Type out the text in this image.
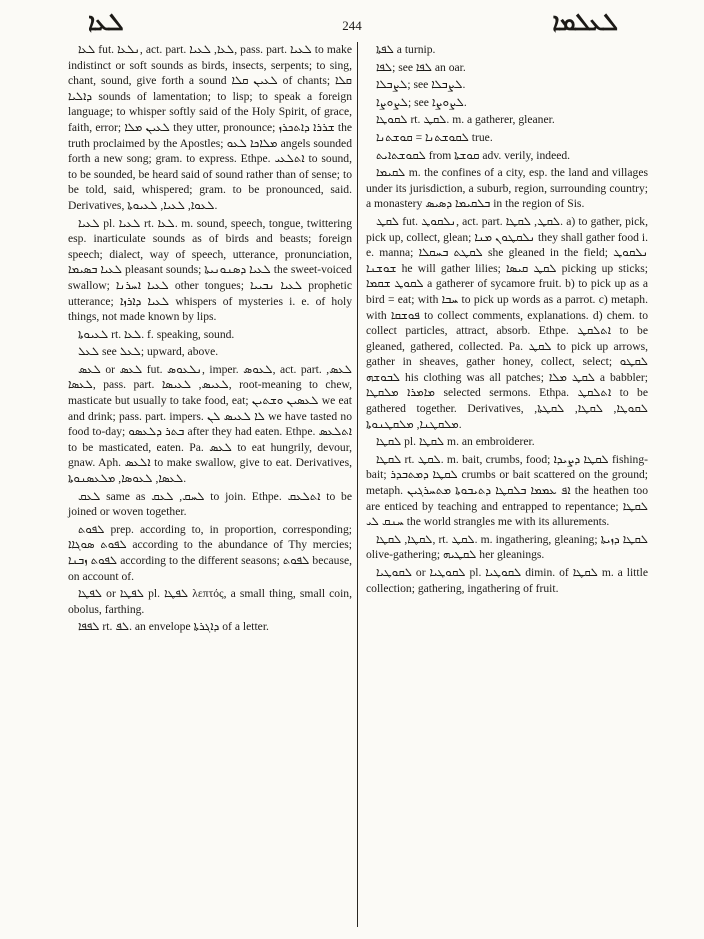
ܠܥܐ	244	ܠܥܠܡܐ

ܠܥܐ fut. ܢܠܥܐ, act. part. ܠܥܐ, ܠܥܝܐ, pass. part. ܠܥܝܐ to make indistinct or soft sounds as birds, insects, serpents; to sing, chant, sound, give forth a sound ܠܥܝܢ ܩܠܐ of chants; ܩܠܐ ܕܐܠܝܐ sounds of lamentation; to lisp; to speak a foreign language; to whisper softly said of the Holy Spirit, of grace, faith, error; ܠܥܝܢ ܡܠܐ they utter, pronounce; ܫܪܪܐ ܕܐܬܟܪܙ the truth proclaimed by the Apostles; ܡܠܐܟܐ ܠܥܘ angels sounded forth a new song; gram. to express. Ethpe. ܐܬܠܥܝ to sound, to be sounded, be heard said of sound rather than of sense; to be told, said, whispered; gram. to be pronounced, said. Derivatives, ܠܥܘܐ, ܠܥܝܐ, ܠܥܝܘܬܐ.

ܠܥܝܐ pl. ܠܥܝܐ rt. ܠܥܐ. m. sound, speech, tongue, twittering esp. inarticulate sounds as of birds and beasts; foreign speech; dialect, way of speech, utterance, pronunciation, ܠܥܝܐ ܒܣܝܡܐ pleasant sounds; ܠܥܝܐ ܕܣܢܘܢܝܬܐ the sweet-voiced swallow; ܠܥܝܐ ܐܚܪܢܐ other tongues; ܠܥܝܐ ܢܒܝܝܐ prophetic utterance; ܠܥܝܐ ܕܐܪܙܐ whispers of mysteries i. e. of holy things, not made known by lips.

ܠܥܝܘܬܐ rt. ܠܥܐ. f. speaking, sound.

ܠܥܠ see ܠܥܠ; upward, above.

ܠܥܣ or ܠܥܣ fut. ܢܠܥܘܣ, imper. ܠܥܘܣ, act. part. ܠܥܣ, ܠܥܣܐ, pass. part. ܠܥܝܣ, ܠܥܝܣܐ, root-meaning to chew, masticate but usually to take food, eat; ܠܥܣܝܢ ܘܫܬܝܢ we eat and drink; pass. part. impers. ܠܐ ܠܥܝܣ ܠܢ we have tasted no food to-day; ܒܬܪ ܕܠܥܣܘ after they had eaten. Ethpe. ܐܬܠܥܣ to be masticated, eaten. Pa. ܠܥܣ to eat hungrily, devour, gnaw. Aph. ܐܠܥܣ to make swallow, give to eat. Derivatives, ܠܥܣܐ, ܠܥܘܣܐ, ܡܠܥܣܢܘܬܐ.

ܠܥܩ same as ܠܚܩ, ܠܥܩ to join. Ethpe. ܐܬܠܥܩ to be joined or woven together.

ܠܦܘܬ prep. according to, in proportion, corresponding; ܠܦܘܬ ܣܘܓܐܐ according to the abundance of Thy mercies; ܠܦܘܬ ܙܒܢܐ according to the different seasons; ܠܦܘܬ because, on account of.

ܠܦܛܐ or ܠܦܛܐ pl. ܠܦܛܐ λεπτός, a small thing, small coin, obolus, farthing.

ܠܦܦܐ rt. ܠܦ. an envelope ܕܐܓܪܬܐ of a letter.

ܠܦܬܐ a turnip.

ܠܦܐ; see ܠܦܐ an oar.

ܠܨܒܠܐ; see ܠܨܒܠܐ.

ܠܨܘܨܐ; see ܠܨܘܨܐ.

ܠܩܘܛܐ rt. ܠܩܛ. m. a gatherer, gleaner.

ܠܩܘܫܬܢܐ = ܩܘܫܬܢܐ true.

ܠܩܘܫܬܐܝܬ from ܩܘܫܬܐ adv. verily, indeed.

ܠܩܝܡܐ m. the confines of a city, esp. the land and villages under its jurisdiction, a suburb, region, surrounding country; a monastery ܒܠܩܝܡܐ ܕܣܝܣ in the region of Sis.

ܠܩܛ fut. ܢܠܩܘܛ, act. part. ܠܩܛ, ܠܩܛܐ. a) to gather, pick, pick up, collect, glean; ܢܠܩܛܘܢ ܡܢܐ they shall gather food i. e. manna; ܠܩܛܬ ܒܚܩܠܐ she gleaned in the field; ܢܠܩܘܛ ܫܘܫܢܐ he will gather lilies; ܠܩܛ ܩܝܣܐ picking up sticks; ܠܩܘܛ ܫܩܡܐ a gatherer of sycamore fruit. b) to pick up as a bird = eat; with ܚܒܐ to pick up words as a parrot. c) metaph. with ܦܘܫܩܐ to collect comments, explanations. d) chem. to collect particles, attract, absorb. Ethpe. ܐܬܠܩܛ to be gleaned, gathered, collected. Pa. ܠܩܛ to pick up arrows, gather in sheaves, gather honey, collect, select; ܠܩܛܘ ܠܒܘܫܗ his clothing was all patches; ܠܩܛ ܡܠܐ a babbler; ܡܐܡܪܐ ܡܠܩܛܐ selected sermons. Ethpa. ܐܬܠܩܛ to be gathered together. Derivatives, ܠܩܘܛܐ, ܠܩܛܐ, ܠܩܛܬܐ, ܡܠܩܛܢܐ, ܡܠܩܛܢܘܬܐ.

ܠܩܛܐ pl. ܠܩܛܐ m. an embroiderer.

ܠܩܛܐ rt. ܠܩܛ. m. bait, crumbs, food; ܠܩܛܐ ܕܨܝܕܐ fishing-bait; ܠܩܛܐ ܕܡܬܒܕܪ crumbs or bait scattered on the ground; metaph. ܐܦ ܥܡܡܐ ܒܠܩܛܐ ܕܬܝܒܘܬܐ ܡܬܚܪܓܝܢ the heathen too are enticed by teaching and entrapped to repentance; ܠܩܛܐ ܚܢܩ ܠܝ the world strangles me with its allurements.

ܠܩܛܐ, ܠܩܛܐ, rt. ܠܩܛ. m. ingathering, gleaning; ܠܩܛܐ ܕܙܝܬܐ olive-gathering; ܠܩܛܝܗ her gleanings.

ܠܩܘܛܝܐ or ܠܩܘܛܝܐ pl. ܠܩܘܛܝܐ dimin. of ܠܩܛܐ m. a little collection; gathering, ingathering of fruit.
